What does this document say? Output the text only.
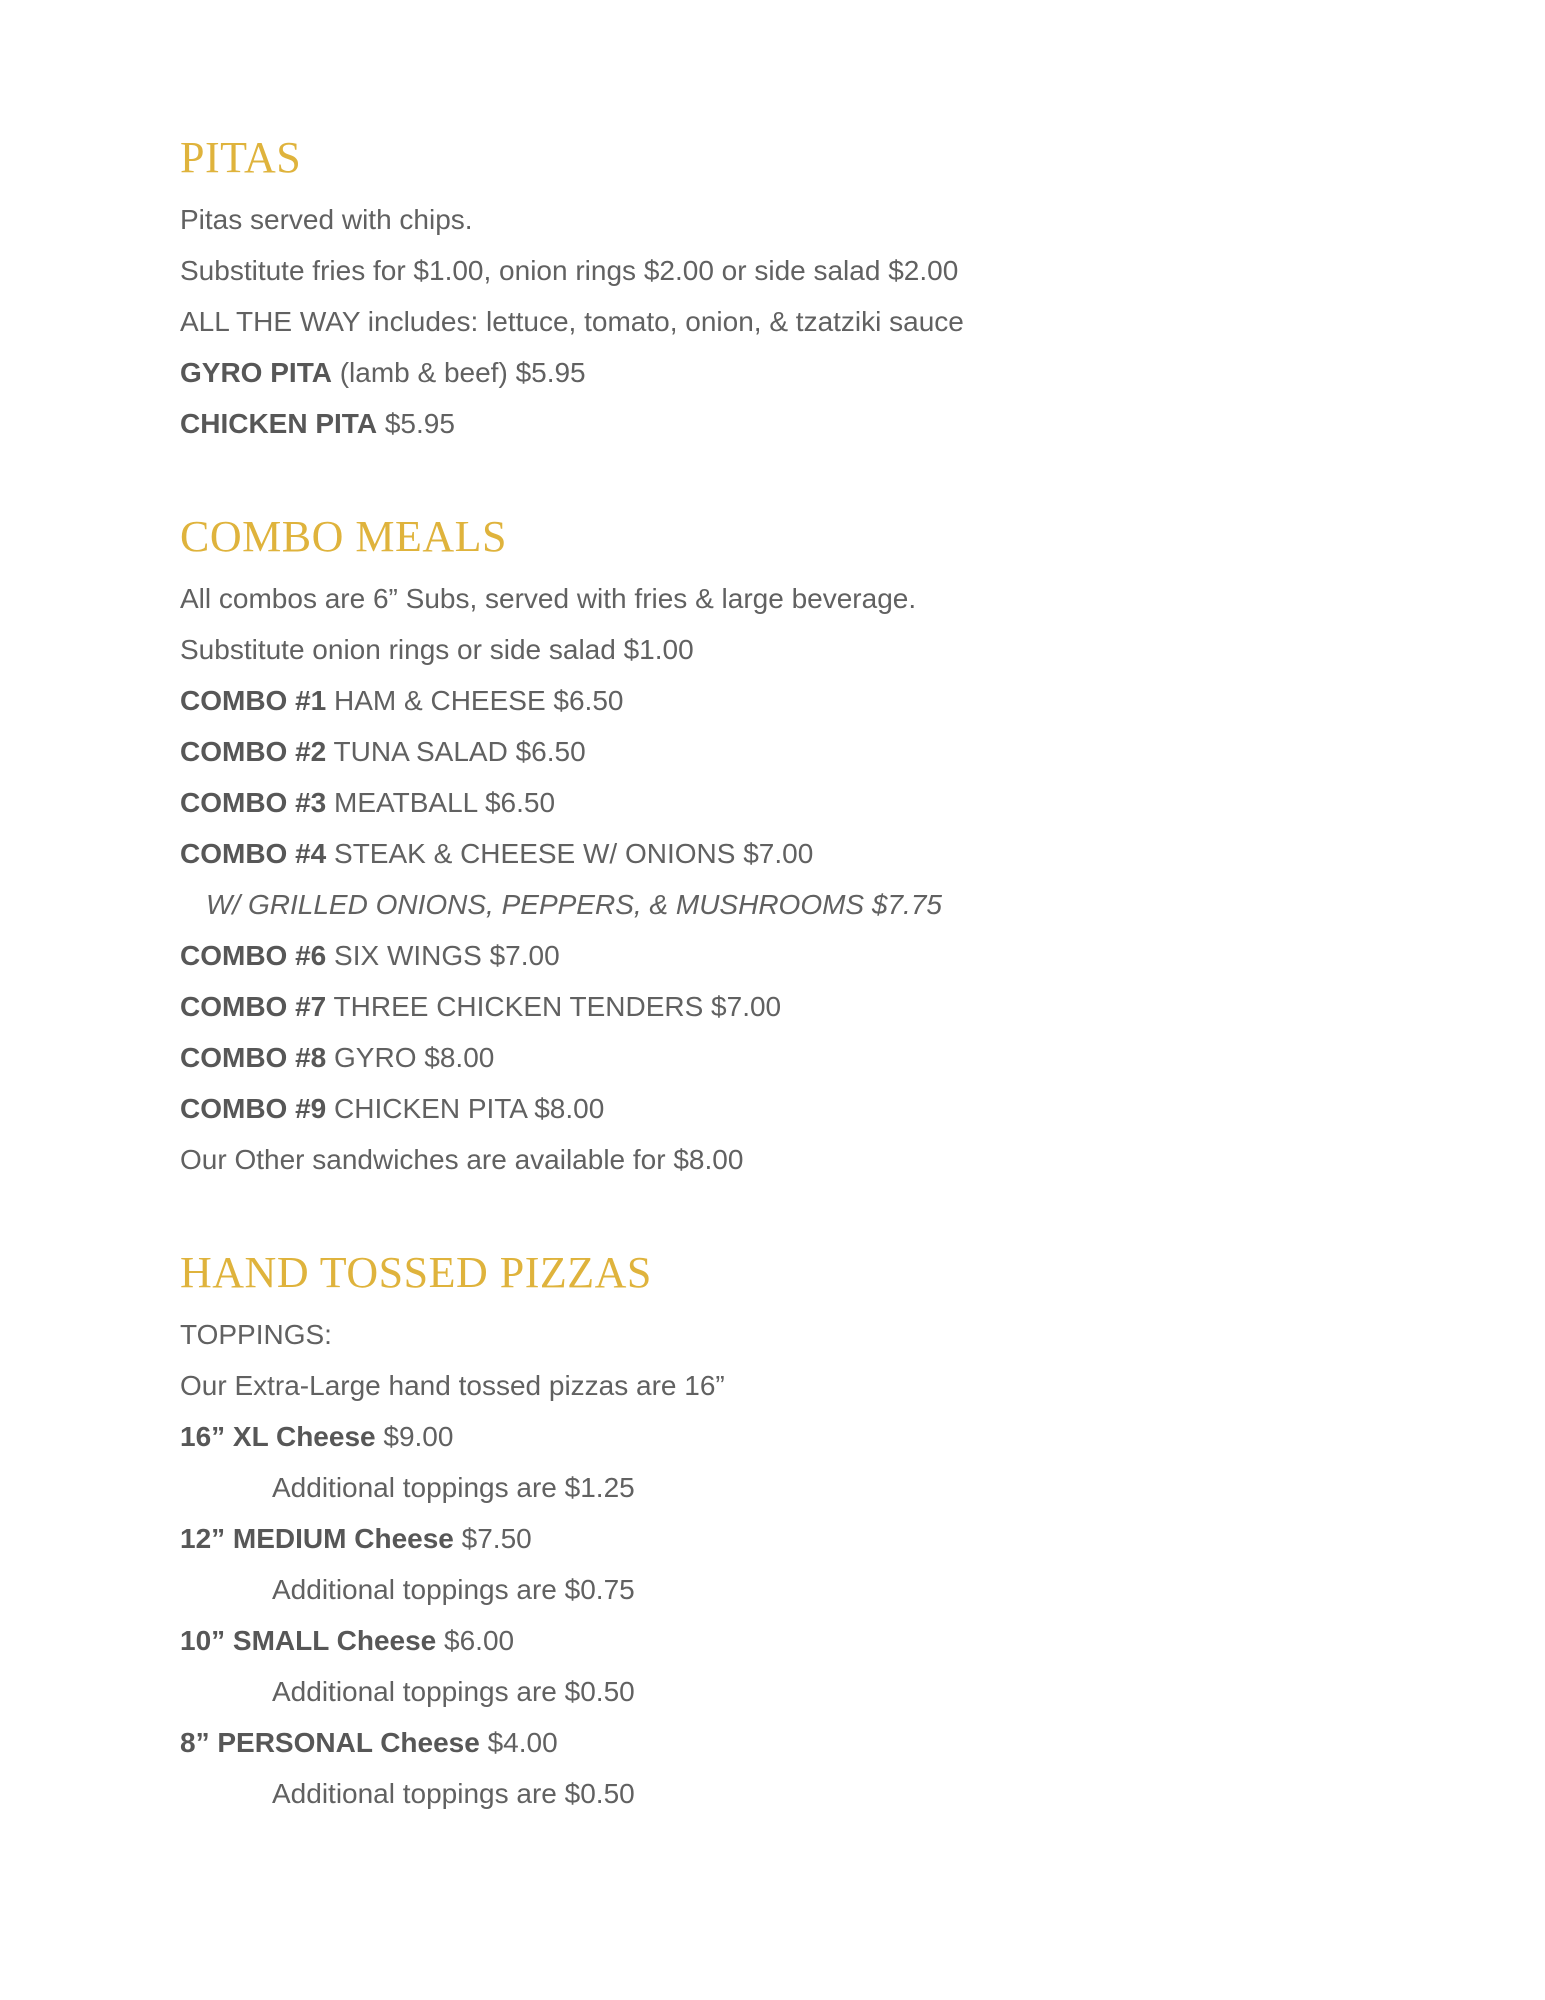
PITAS

Pitas served with chips.

Substitute fries for $1.00, onion rings $2.00 or side salad $2.00

ALL THE WAY includes: lettuce, tomato, onion, & tzatziki sauce

GYRO PITA (lamb & beef) $5.95

CHICKEN PITA $5.95

COMBO MEALS

All combos are 6” Subs, served with fries & large beverage.

Substitute onion rings or side salad $1.00

COMBO #1 HAM & CHEESE $6.50

COMBO #2 TUNA SALAD $6.50

COMBO #3 MEATBALL $6.50

COMBO #4 STEAK & CHEESE W/ ONIONS $7.00

W/ GRILLED ONIONS, PEPPERS, & MUSHROOMS $7.75

COMBO #6 SIX WINGS $7.00

COMBO #7 THREE CHICKEN TENDERS $7.00

COMBO #8 GYRO $8.00

COMBO #9 CHICKEN PITA $8.00

Our Other sandwiches are available for $8.00

HAND TOSSED PIZZAS

TOPPINGS:

Our Extra-Large hand tossed pizzas are 16”

16” XL Cheese $9.00

Additional toppings are $1.25

12” MEDIUM Cheese $7.50

Additional toppings are $0.75

10” SMALL Cheese $6.00

Additional toppings are $0.50

8” PERSONAL Cheese $4.00

Additional toppings are $0.50
